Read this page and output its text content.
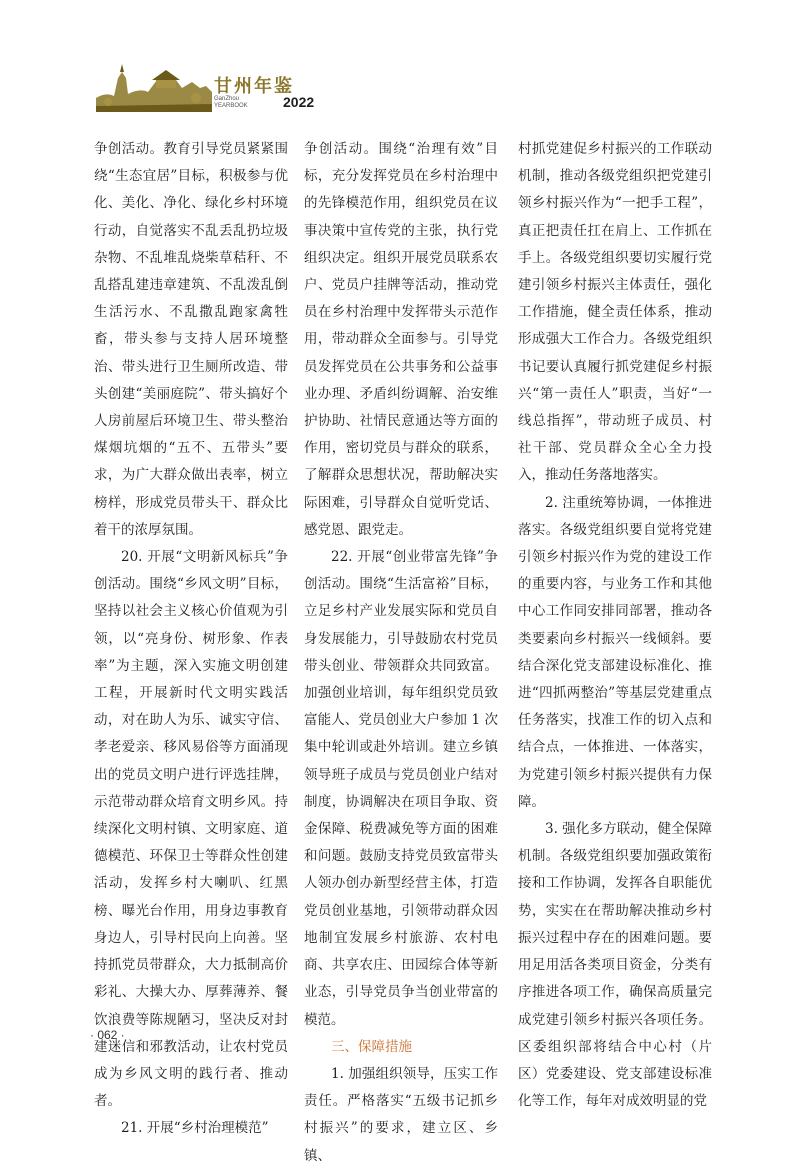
甘州年鉴
GanZhou
YEARBOOK	2022

争创活动。教育引导党员紧紧围绕“生态宜居”目标，积极参与优化、美化、净化、绿化乡村环境行动，自觉落实不乱丢乱扔垃圾杂物、不乱堆乱烧柴草秸秆、不乱搭乱建违章建筑、不乱泼乱倒生活污水、不乱撒乱跑家禽牲畜，带头参与支持人居环境整治、带头进行卫生厕所改造、带头创建“美丽庭院”、带头搞好个人房前屋后环境卫生、带头整治煤烟坑烟的“五不、五带头”要求，为广大群众做出表率，树立榜样，形成党员带头干、群众比着干的浓厚氛围。

20. 开展“文明新风标兵”争创活动。围绕“乡风文明”目标，坚持以社会主义核心价值观为引领，以“亮身份、树形象、作表率”为主题，深入实施文明创建工程，开展新时代文明实践活动，对在助人为乐、诚实守信、孝老爱亲、移风易俗等方面涌现出的党员文明户进行评选挂牌，示范带动群众培育文明乡风。持续深化文明村镇、文明家庭、道德模范、环保卫士等群众性创建活动，发挥乡村大喇叭、红黑榜、曝光台作用，用身边事教育身边人，引导村民向上向善。坚持抓党员带群众，大力抵制高价彩礼、大操大办、厚葬薄养、餐饮浪费等陈规陋习，坚决反对封建迷信和邪教活动，让农村党员成为乡风文明的践行者、推动者。

21. 开展“乡村治理模范”

争创活动。围绕“治理有效”目标，充分发挥党员在乡村治理中的先锋模范作用，组织党员在议事决策中宣传党的主张，执行党组织决定。组织开展党员联系农户、党员户挂牌等活动，推动党员在乡村治理中发挥带头示范作用，带动群众全面参与。引导党员发挥党员在公共事务和公益事业办理、矛盾纠纷调解、治安维护协助、社情民意通达等方面的作用，密切党员与群众的联系，了解群众思想状况，帮助解决实际困难，引导群众自觉听党话、感党恩、跟党走。

22. 开展“创业带富先锋”争创活动。围绕“生活富裕”目标，立足乡村产业发展实际和党员自身发展能力，引导鼓励农村党员带头创业、带领群众共同致富。加强创业培训，每年组织党员致富能人、党员创业大户参加 1 次集中轮训或赴外培训。建立乡镇领导班子成员与党员创业户结对制度，协调解决在项目争取、资金保障、税费减免等方面的困难和问题。鼓励支持党员致富带头人领办创办新型经营主体，打造党员创业基地，引领带动群众因地制宜发展乡村旅游、农村电商、共享农庄、田园综合体等新业态，引导党员争当创业带富的模范。

三、保障措施

1. 加强组织领导，压实工作责任。严格落实“五级书记抓乡村振兴”的要求，建立区、乡镇、

村抓党建促乡村振兴的工作联动机制，推动各级党组织把党建引领乡村振兴作为“一把手工程”，真正把责任扛在肩上、工作抓在手上。各级党组织要切实履行党建引领乡村振兴主体责任，强化工作措施，健全责任体系，推动形成强大工作合力。各级党组织书记要认真履行抓党建促乡村振兴“第一责任人”职责，当好“一线总指挥”，带动班子成员、村社干部、党员群众全心全力投入，推动任务落地落实。

2. 注重统筹协调，一体推进落实。各级党组织要自觉将党建引领乡村振兴作为党的建设工作的重要内容，与业务工作和其他中心工作同安排同部署，推动各类要素向乡村振兴一线倾斜。要结合深化党支部建设标准化、推进“四抓两整治”等基层党建重点任务落实，找准工作的切入点和结合点，一体推进、一体落实，为党建引领乡村振兴提供有力保障。

3. 强化多方联动，健全保障机制。各级党组织要加强政策衔接和工作协调，发挥各自职能优势，实实在在帮助解决推动乡村振兴过程中存在的困难问题。要用足用活各类项目资金，分类有序推进各项工作，确保高质量完成党建引领乡村振兴各项任务。区委组织部将结合中心村（片区）党委建设、党支部建设标准化等工作，每年对成效明显的党

· 062 ·
